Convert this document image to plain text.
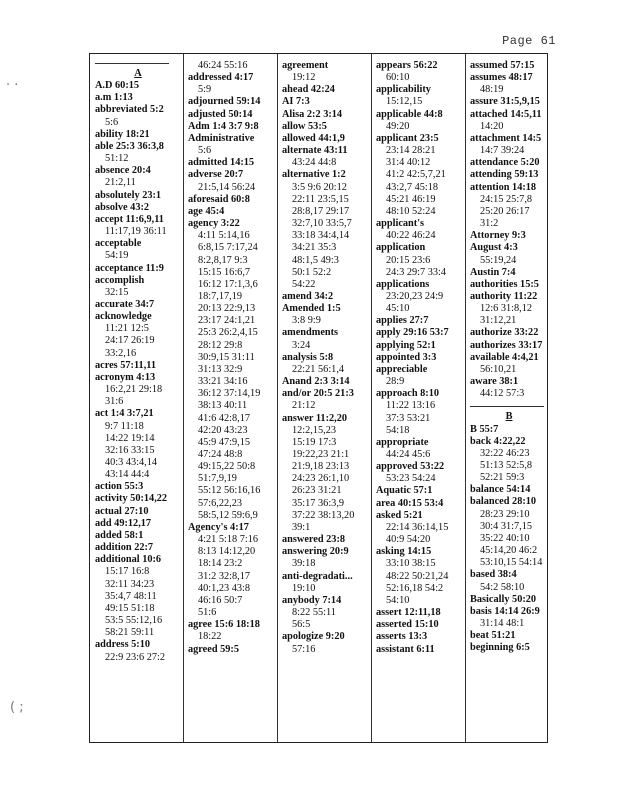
Page 61
· ·
( ;
A
A.D 60:15
a.m 1:13
abbreviated 5:2
5:6
ability 18:21
able 25:3 36:3,8
51:12
absence 20:4
21:2,11
absolutely 23:1
absolve 43:2
accept 11:6,9,11
11:17,19 36:11
acceptable
54:19
acceptance 11:9
accomplish
32:15
accurate 34:7
acknowledge
11:21 12:5
24:17 26:19
33:2,16
acres 57:11,11
acronym 4:13
16:2,21 29:18
31:6
act 1:4 3:7,21
9:7 11:18
14:22 19:14
32:16 33:15
40:3 43:4,14
43:14 44:4
action 55:3
activity 50:14,22
actual 27:10
add 49:12,17
added 58:1
addition 22:7
additional 10:6
15:17 16:8
32:11 34:23
35:4,7 48:11
49:15 51:18
53:5 55:12,16
58:21 59:11
address 5:10
22:9 23:6 27:2
46:24 55:16
addressed 4:17
5:9
adjourned 59:14
adjusted 50:14
Adm 1:4 3:7 9:8
Administrative
5:6
admitted 14:15
adverse 20:7
21:5,14 56:24
aforesaid 60:8
age 45:4
agency 3:22
4:11 5:14,16
6:8,15 7:17,24
8:2,8,17 9:3
15:15 16:6,7
16:12 17:1,3,6
18:7,17,19
20:13 22:9,13
23:17 24:1,21
25:3 26:2,4,15
28:12 29:8
30:9,15 31:11
31:13 32:9
33:21 34:16
36:12 37:14,19
38:13 40:11
41:6 42:8,17
42:20 43:23
45:9 47:9,15
47:24 48:8
49:15,22 50:8
51:7,9,19
55:12 56:16,16
57:6,22,23
58:5,12 59:6,9
Agency's 4:17
4:21 5:18 7:16
8:13 14:12,20
18:14 23:2
31:2 32:8,17
40:1,23 43:8
46:16 50:7
51:6
agree 15:6 18:18
18:22
agreed 59:5
agreement
19:12
ahead 42:24
AI 7:3
Alisa 2:2 3:14
allow 53:5
allowed 44:1,9
alternate 43:11
43:24 44:8
alternative 1:2
3:5 9:6 20:12
22:11 23:5,15
28:8,17 29:17
32:7,10 33:5,7
33:18 34:4,14
34:21 35:3
48:1,5 49:3
50:1 52:2
54:22
amend 34:2
Amended 1:5
3:8 9:9
amendments
3:24
analysis 5:8
22:21 56:1,4
Anand 2:3 3:14
and/or 20:5 21:3
21:12
answer 11:2,20
12:2,15,23
15:19 17:3
19:22,23 21:1
21:9,18 23:13
24:23 26:1,10
26:23 31:21
35:17 36:3,9
37:22 38:13,20
39:1
answered 23:8
answering 20:9
39:18
anti-degradati...
19:10
anybody 7:14
8:22 55:11
56:5
apologize 9:20
57:16
appears 56:22
60:10
applicability
15:12,15
applicable 44:8
49:20
applicant 23:5
23:14 28:21
31:4 40:12
41:2 42:5,7,21
43:2,7 45:18
45:21 46:19
48:10 52:24
applicant's
40:22 46:24
application
20:15 23:6
24:3 29:7 33:4
applications
23:20,23 24:9
45:10
applies 27:7
apply 29:16 53:7
applying 52:1
appointed 3:3
appreciable
28:9
approach 8:10
11:22 13:16
37:3 53:21
54:18
appropriate
44:24 45:6
approved 53:22
53:23 54:24
Aquatic 57:1
area 40:15 53:4
asked 5:21
22:14 36:14,15
40:9 54:20
asking 14:15
33:10 38:15
48:22 50:21,24
52:16,18 54:2
54:10
assert 12:11,18
asserted 15:10
asserts 13:3
assistant 6:11
assumed 57:15
assumes 48:17
48:19
assure 31:5,9,15
attached 14:5,11
14:20
attachment 14:5
14:7 39:24
attendance 5:20
attending 59:13
attention 14:18
24:15 25:7,8
25:20 26:17
31:2
Attorney 9:3
August 4:3
55:19,24
Austin 7:4
authorities 15:5
authority 11:22
12:6 31:8,12
31:12,21
authorize 33:22
authorizes 33:17
available 4:4,21
56:10,21
aware 38:1
44:12 57:3
B
B 55:7
back 4:22,22
32:22 46:23
51:13 52:5,8
52:21 59:3
balance 54:14
balanced 28:10
28:23 29:10
30:4 31:7,15
35:22 40:10
45:14,20 46:2
53:10,15 54:14
based 38:4
54:2 58:10
Basically 50:20
basis 14:14 26:9
31:14 48:1
beat 51:21
beginning 6:5
